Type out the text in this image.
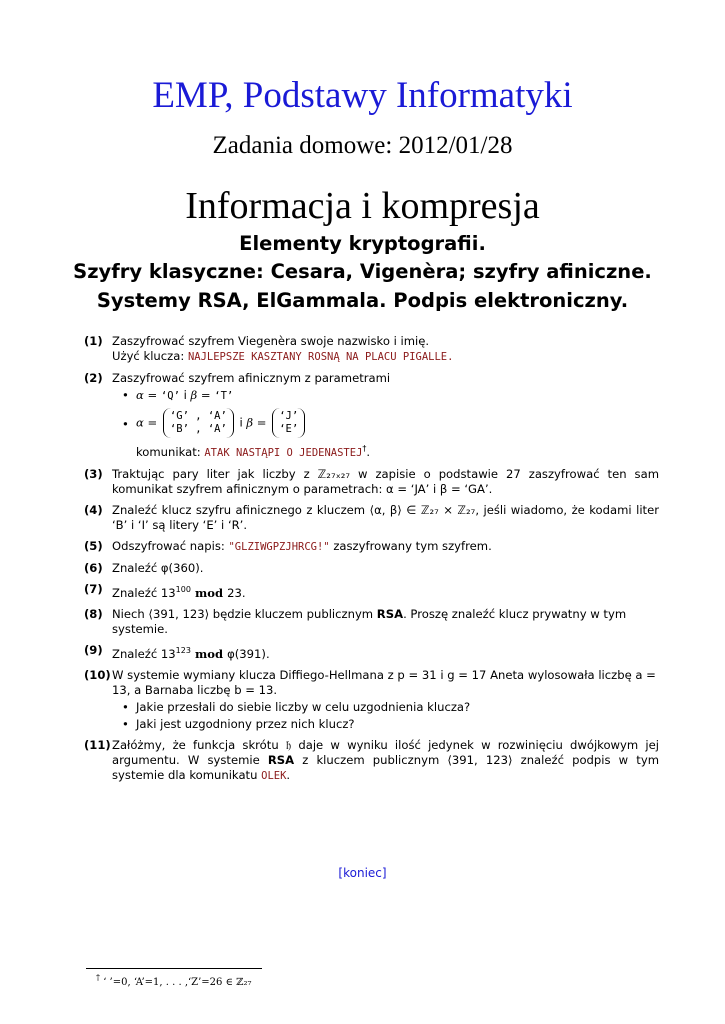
EMP, Podstawy Informatyki
Zadania domowe: 2012/01/28
Informacja i kompresja
Elementy kryptografii.
Szyfry klasyczne: Cesara, Vigenèra; szyfry afiniczne.
Systemy RSA, ElGammala. Podpis elektroniczny.
(1) Zaszyfrować szyfrem Viegenèra swoje nazwisko i imię.
Użyć klucza: NAJLEPSZE KASZTANY ROSNĄ NA PLACU PIGALLE.
(2) Zaszyfrować szyfrem afinicznym z parametrami
• α = ‘Q’ i β = ‘T’
• α = ‘G’ , ‘A’
‘B’ , ‘A’ i β = ‘J’
‘E’
komunikat: ATAK NASTĄPI O JEDENASTEJ†.
(3) Traktując pary liter jak liczby z ℤ₂₇ₓ₂₇ w zapisie o podstawie 27 zaszyfrować ten sam komunikat szyfrem afinicznym o parametrach: α = ‘JA’ i β = ‘GA’.
(4) Znaleźć klucz szyfru afinicznego z kluczem ⟨α, β⟩ ∈ ℤ₂₇ × ℤ₂₇, jeśli wiadomo, że kodami liter ‘B’ i ‘I’ są litery ‘E’ i ‘R’.
(5) Odszyfrować napis: "GLZIWGPZJHRCG!" zaszyfrowany tym szyfrem.
(6) Znaleźć φ(360).
(7) Znaleźć $13^{100}$ mod 23.
(8) Niech ⟨391, 123⟩ będzie kluczem publicznym RSA. Proszę znaleźć klucz prywatny w tym systemie.
(9) Znaleźć $13^{123}$ mod φ(391).
(10) W systemie wymiany klucza Diffiego-Hellmana z p = 31 i g = 17 Aneta wylosowała liczbę a = 13, a Barnaba liczbę b = 13.
• Jakie przesłali do siebie liczby w celu uzgodnienia klucza?
• Jaki jest uzgodniony przez nich klucz?
(11) Załóżmy, że funkcja skrótu 𝔥 daje w wyniku ilość jedynek w rozwinięciu dwójkowym jej argumentu. W systemie RSA z kluczem publicznym ⟨391, 123⟩ znaleźć podpis w tym systemie dla komunikatu OLEK.
[koniec]
† ‘ ’=0, ‘A’=1, . . . ,‘Z’=26 ∈ ℤ₂₇
